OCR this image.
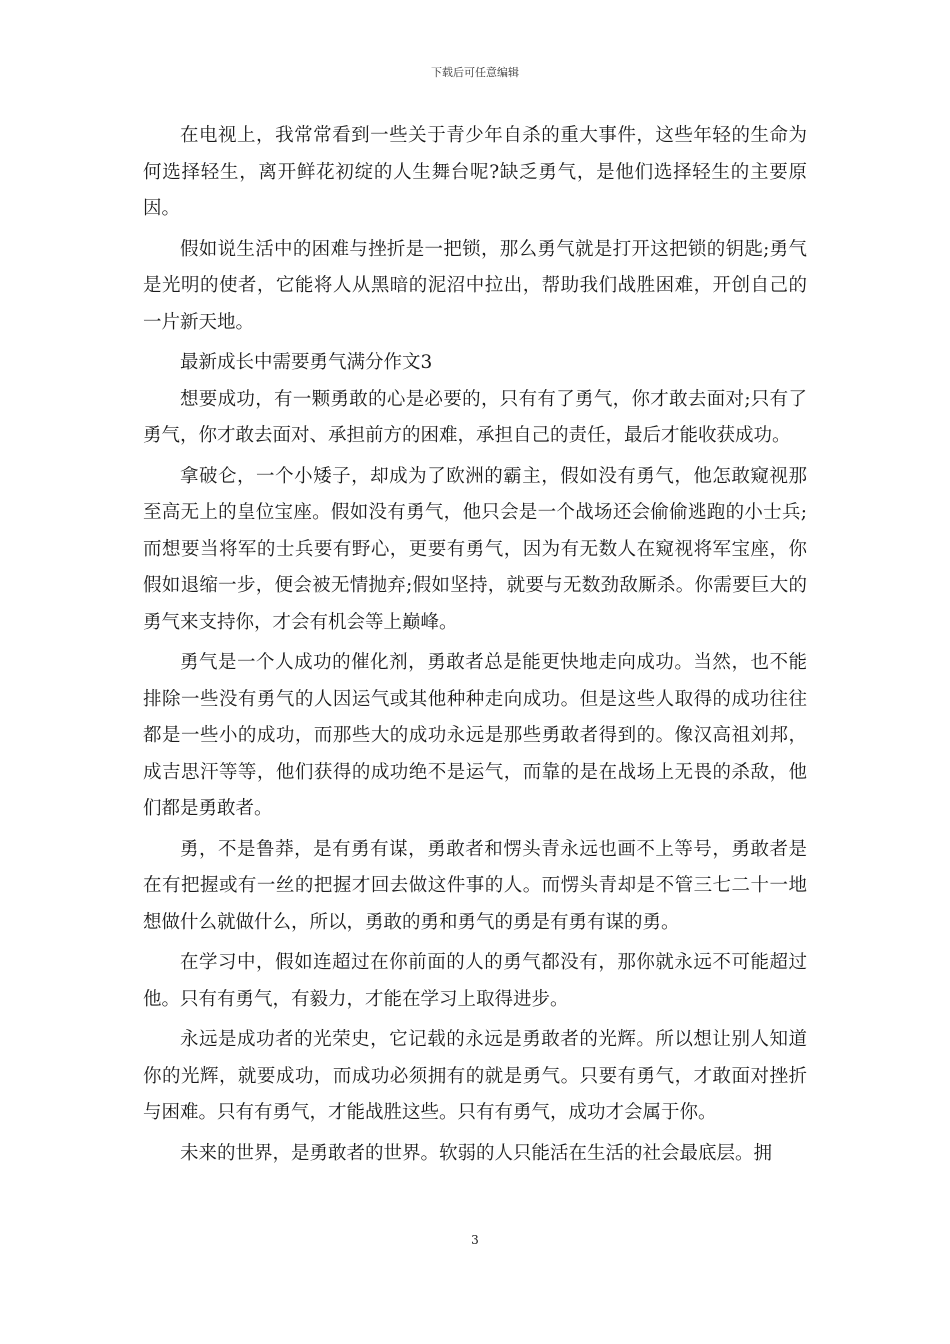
下载后可任意编辑

在电视上，我常常看到一些关于青少年自杀的重大事件，这些年轻的生命为何选择轻生，离开鲜花初绽的人生舞台呢?缺乏勇气，是他们选择轻生的主要原因。

假如说生活中的困难与挫折是一把锁，那么勇气就是打开这把锁的钥匙;勇气是光明的使者，它能将人从黑暗的泥沼中拉出，帮助我们战胜困难，开创自己的一片新天地。

最新成长中需要勇气满分作文3

想要成功，有一颗勇敢的心是必要的，只有有了勇气，你才敢去面对;只有了勇气，你才敢去面对、承担前方的困难，承担自己的责任，最后才能收获成功。

拿破仑，一个小矮子，却成为了欧洲的霸主，假如没有勇气，他怎敢窥视那至高无上的皇位宝座。假如没有勇气，他只会是一个战场还会偷偷逃跑的小士兵;而想要当将军的士兵要有野心，更要有勇气，因为有无数人在窥视将军宝座，你假如退缩一步，便会被无情抛弃;假如坚持，就要与无数劲敌厮杀。你需要巨大的勇气来支持你，才会有机会等上巅峰。

勇气是一个人成功的催化剂，勇敢者总是能更快地走向成功。当然，也不能排除一些没有勇气的人因运气或其他种种走向成功。但是这些人取得的成功往往都是一些小的成功，而那些大的成功永远是那些勇敢者得到的。像汉高祖刘邦，成吉思汗等等，他们获得的成功绝不是运气，而靠的是在战场上无畏的杀敌，他们都是勇敢者。

勇，不是鲁莽，是有勇有谋，勇敢者和愣头青永远也画不上等号，勇敢者是在有把握或有一丝的把握才回去做这件事的人。而愣头青却是不管三七二十一地想做什么就做什么，所以，勇敢的勇和勇气的勇是有勇有谋的勇。

在学习中，假如连超过在你前面的人的勇气都没有，那你就永远不可能超过他。只有有勇气，有毅力，才能在学习上取得进步。

永远是成功者的光荣史，它记载的永远是勇敢者的光辉。所以想让别人知道你的光辉，就要成功，而成功必须拥有的就是勇气。只要有勇气，才敢面对挫折与困难。只有有勇气，才能战胜这些。只有有勇气，成功才会属于你。

未来的世界，是勇敢者的世界。软弱的人只能活在生活的社会最底层。拥

3
